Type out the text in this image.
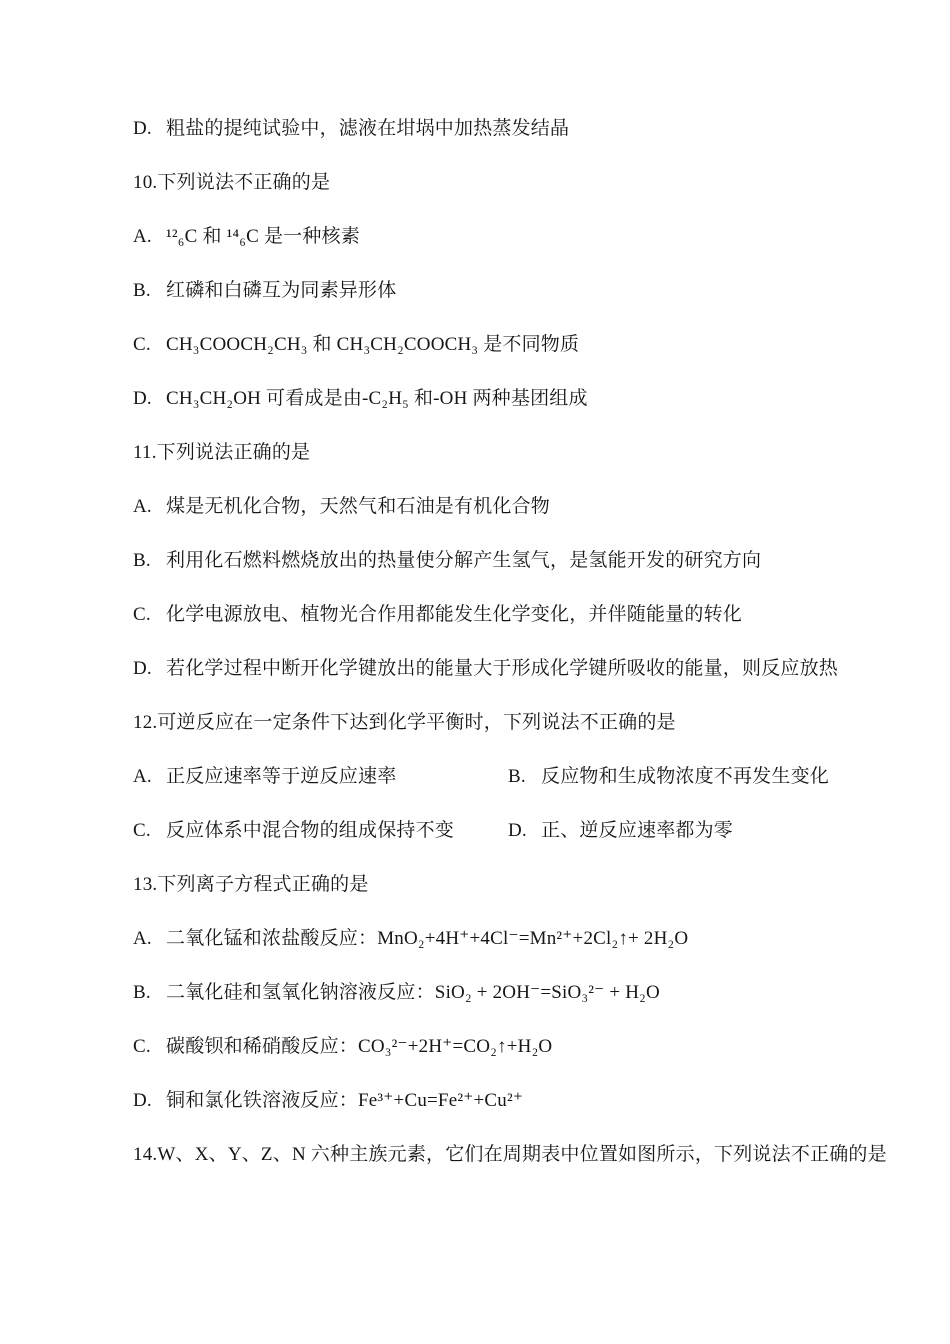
D. 粗盐的提纯试验中，滤液在坩埚中加热蒸发结晶

10.下列说法不正确的是

A. ¹²₆C 和 ¹⁴₆C 是一种核素

B. 红磷和白磷互为同素异形体

C. CH₃COOCH₂CH₃ 和 CH₃CH₂COOCH₃ 是不同物质

D. CH₃CH₂OH 可看成是由-C₂H₅ 和-OH 两种基团组成

11.下列说法正确的是

A. 煤是无机化合物，天然气和石油是有机化合物

B. 利用化石燃料燃烧放出的热量使分解产生氢气，是氢能开发的研究方向

C. 化学电源放电、植物光合作用都能发生化学变化，并伴随能量的转化

D. 若化学过程中断开化学键放出的能量大于形成化学键所吸收的能量，则反应放热

12.可逆反应在一定条件下达到化学平衡时，下列说法不正确的是

A. 正反应速率等于逆反应速率	B. 反应物和生成物浓度不再发生变化

C. 反应体系中混合物的组成保持不变	D. 正、逆反应速率都为零

13.下列离子方程式正确的是

A. 二氧化锰和浓盐酸反应：MnO₂+4H⁺+4Cl⁻=Mn²⁺+2Cl₂↑+ 2H₂O

B. 二氧化硅和氢氧化钠溶液反应：SiO₂ + 2OH⁻=SiO₃²⁻ + H₂O

C. 碳酸钡和稀硝酸反应：CO₃²⁻+2H⁺=CO₂↑+H₂O

D. 铜和氯化铁溶液反应：Fe³⁺+Cu=Fe²⁺+Cu²⁺

14.W、X、Y、Z、N 六种主族元素，它们在周期表中位置如图所示，下列说法不正确的是
